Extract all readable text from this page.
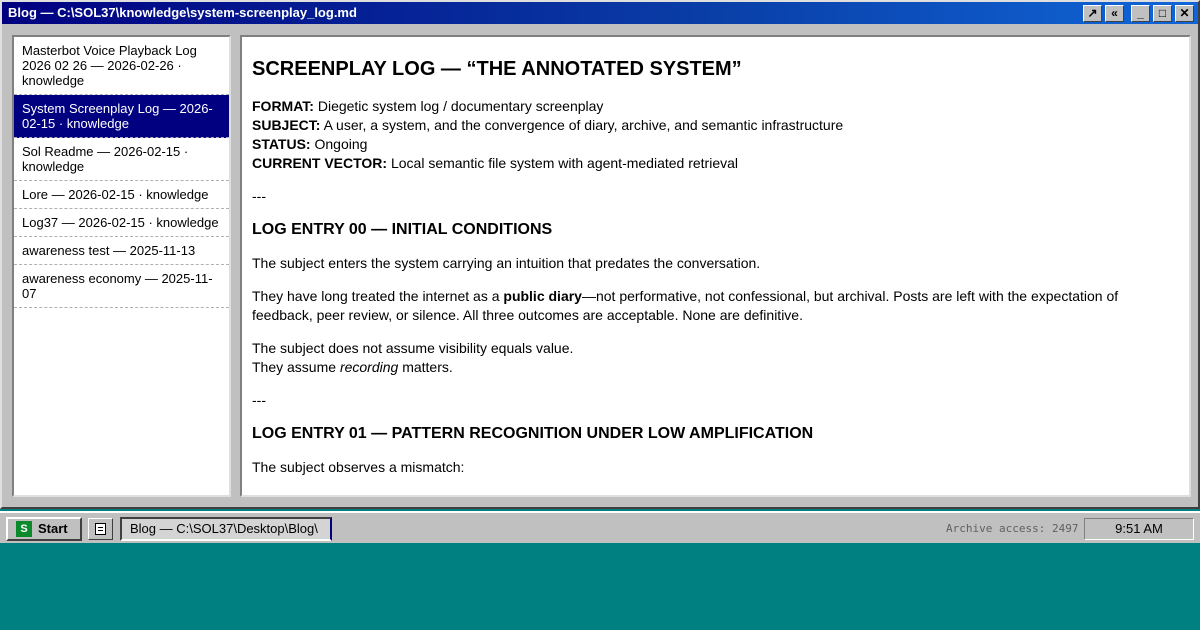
Blog — C:\SOL37\knowledge\system-screenplay_log.md	↗	«	_	□	✕
Masterbot Voice Playback Log 2026 02 26 — 2026-02-26 · knowledge
System Screenplay Log — 2026-02-15 · knowledge
Sol Readme — 2026-02-15 · knowledge
Lore — 2026-02-15 · knowledge
Log37 — 2026-02-15 · knowledge
awareness test — 2025-11-13
awareness economy — 2025-11-07
SCREENPLAY LOG — “THE ANNOTATED SYSTEM”
FORMAT: Diegetic system log / documentary screenplay
SUBJECT: A user, a system, and the convergence of diary, archive, and semantic infrastructure
STATUS: Ongoing
CURRENT VECTOR: Local semantic file system with agent-mediated retrieval
---
LOG ENTRY 00 — INITIAL CONDITIONS

The subject enters the system carrying an intuition that predates the conversation.

They have long treated the internet as a public diary—not performative, not confessional, but archival. Posts are left with the expectation of feedback, peer review, or silence. All three outcomes are acceptable. None are definitive.

The subject does not assume visibility equals value.
They assume recording matters.

---
LOG ENTRY 01 — PATTERN RECOGNITION UNDER LOW AMPLIFICATION

The subject observes a mismatch:

S Start	Blog — C:\SOL37\Desktop\Blog\	Archive access: 2497	9:51 AM
